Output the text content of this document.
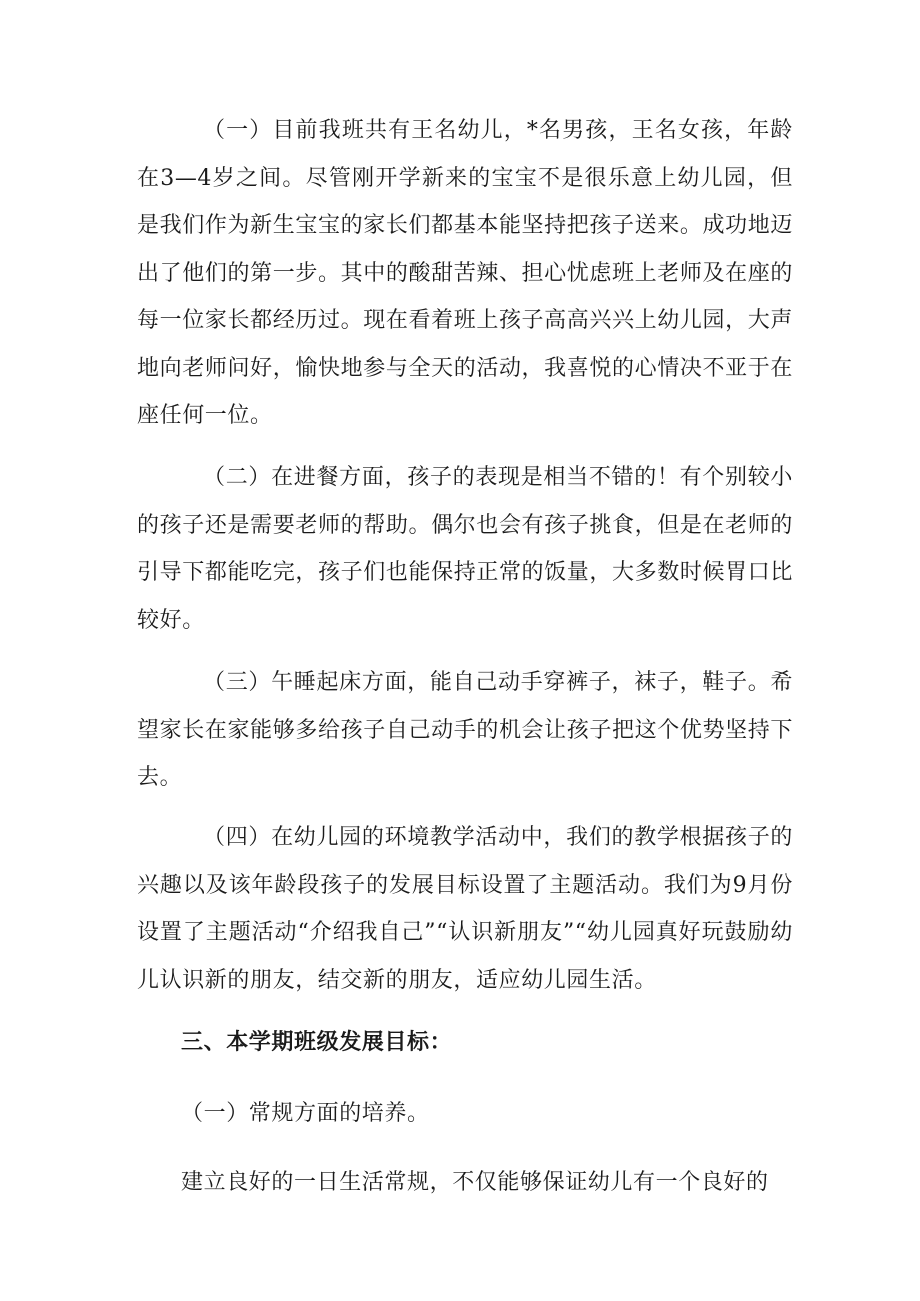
（一）目前我班共有王名幼儿，*名男孩，王名女孩，年龄在3—4岁之间。尽管刚开学新来的宝宝不是很乐意上幼儿园，但是我们作为新生宝宝的家长们都基本能坚持把孩子送来。成功地迈出了他们的第一步。其中的酸甜苦辣、担心忧虑班上老师及在座的每一位家长都经历过。现在看着班上孩子高高兴兴上幼儿园，大声地向老师问好，愉快地参与全天的活动，我喜悦的心情决不亚于在座任何一位。

（二）在进餐方面，孩子的表现是相当不错的！有个别较小的孩子还是需要老师的帮助。偶尔也会有孩子挑食，但是在老师的引导下都能吃完，孩子们也能保持正常的饭量，大多数时候胃口比较好。

（三）午睡起床方面，能自己动手穿裤子，袜子，鞋子。希望家长在家能够多给孩子自己动手的机会让孩子把这个优势坚持下去。

（四）在幼儿园的环境教学活动中，我们的教学根据孩子的兴趣以及该年龄段孩子的发展目标设置了主题活动。我们为9月份设置了主题活动“介绍我自己”“认识新朋友”“幼儿园真好玩鼓励幼儿认识新的朋友，结交新的朋友，适应幼儿园生活。

三、本学期班级发展目标：

（一）常规方面的培养。

建立良好的一日生活常规，不仅能够保证幼儿有一个良好的
